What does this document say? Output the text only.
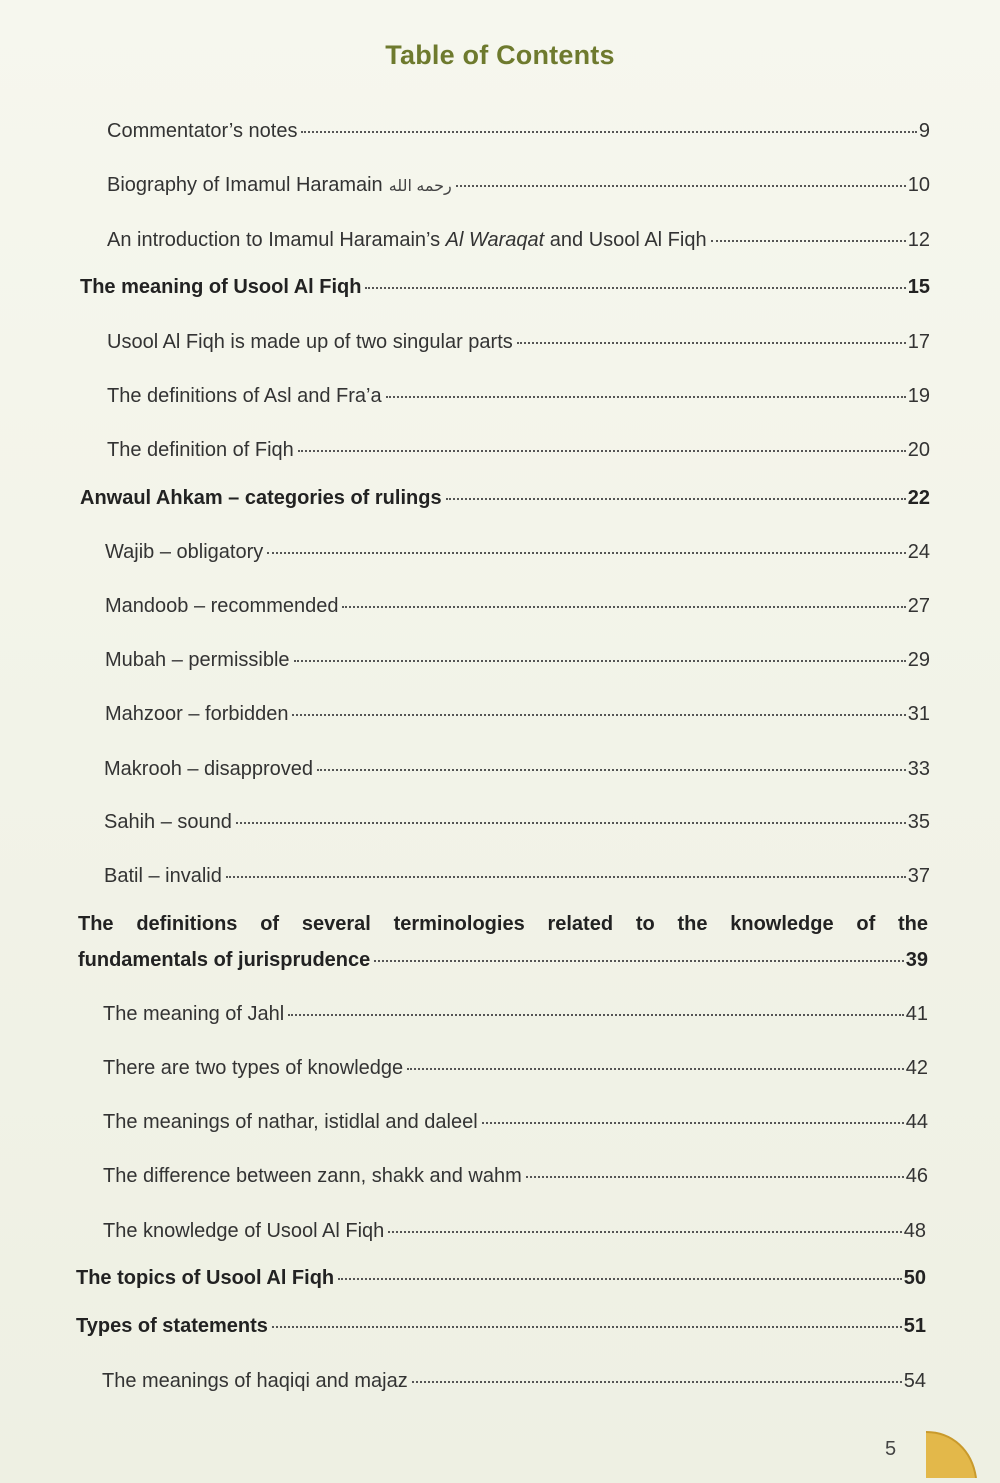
Table of Contents
Commentator’s notes	9
Biography of Imamul Haramain رحمه الله	10
An introduction to Imamul Haramain’s Al Waraqat and Usool Al Fiqh	12
The meaning of Usool Al Fiqh	15
Usool Al Fiqh is made up of two singular parts	17
The definitions of Asl and Fra’a	19
The definition of Fiqh	20
Anwaul Ahkam – categories of rulings	22
Wajib – obligatory	24
Mandoob – recommended	27
Mubah – permissible	29
Mahzoor – forbidden	31
Makrooh – disapproved	33
Sahih – sound	35
Batil – invalid	37
The definitions of several terminologies related to the knowledge of the
fundamentals of jurisprudence	39
The meaning of Jahl	41
There are two types of knowledge	42
The meanings of nathar, istidlal and daleel	44
The difference between zann, shakk and wahm	46
The knowledge of Usool Al Fiqh	48
The topics of Usool Al Fiqh	50
Types of statements	51
The meanings of haqiqi and majaz	54
5
